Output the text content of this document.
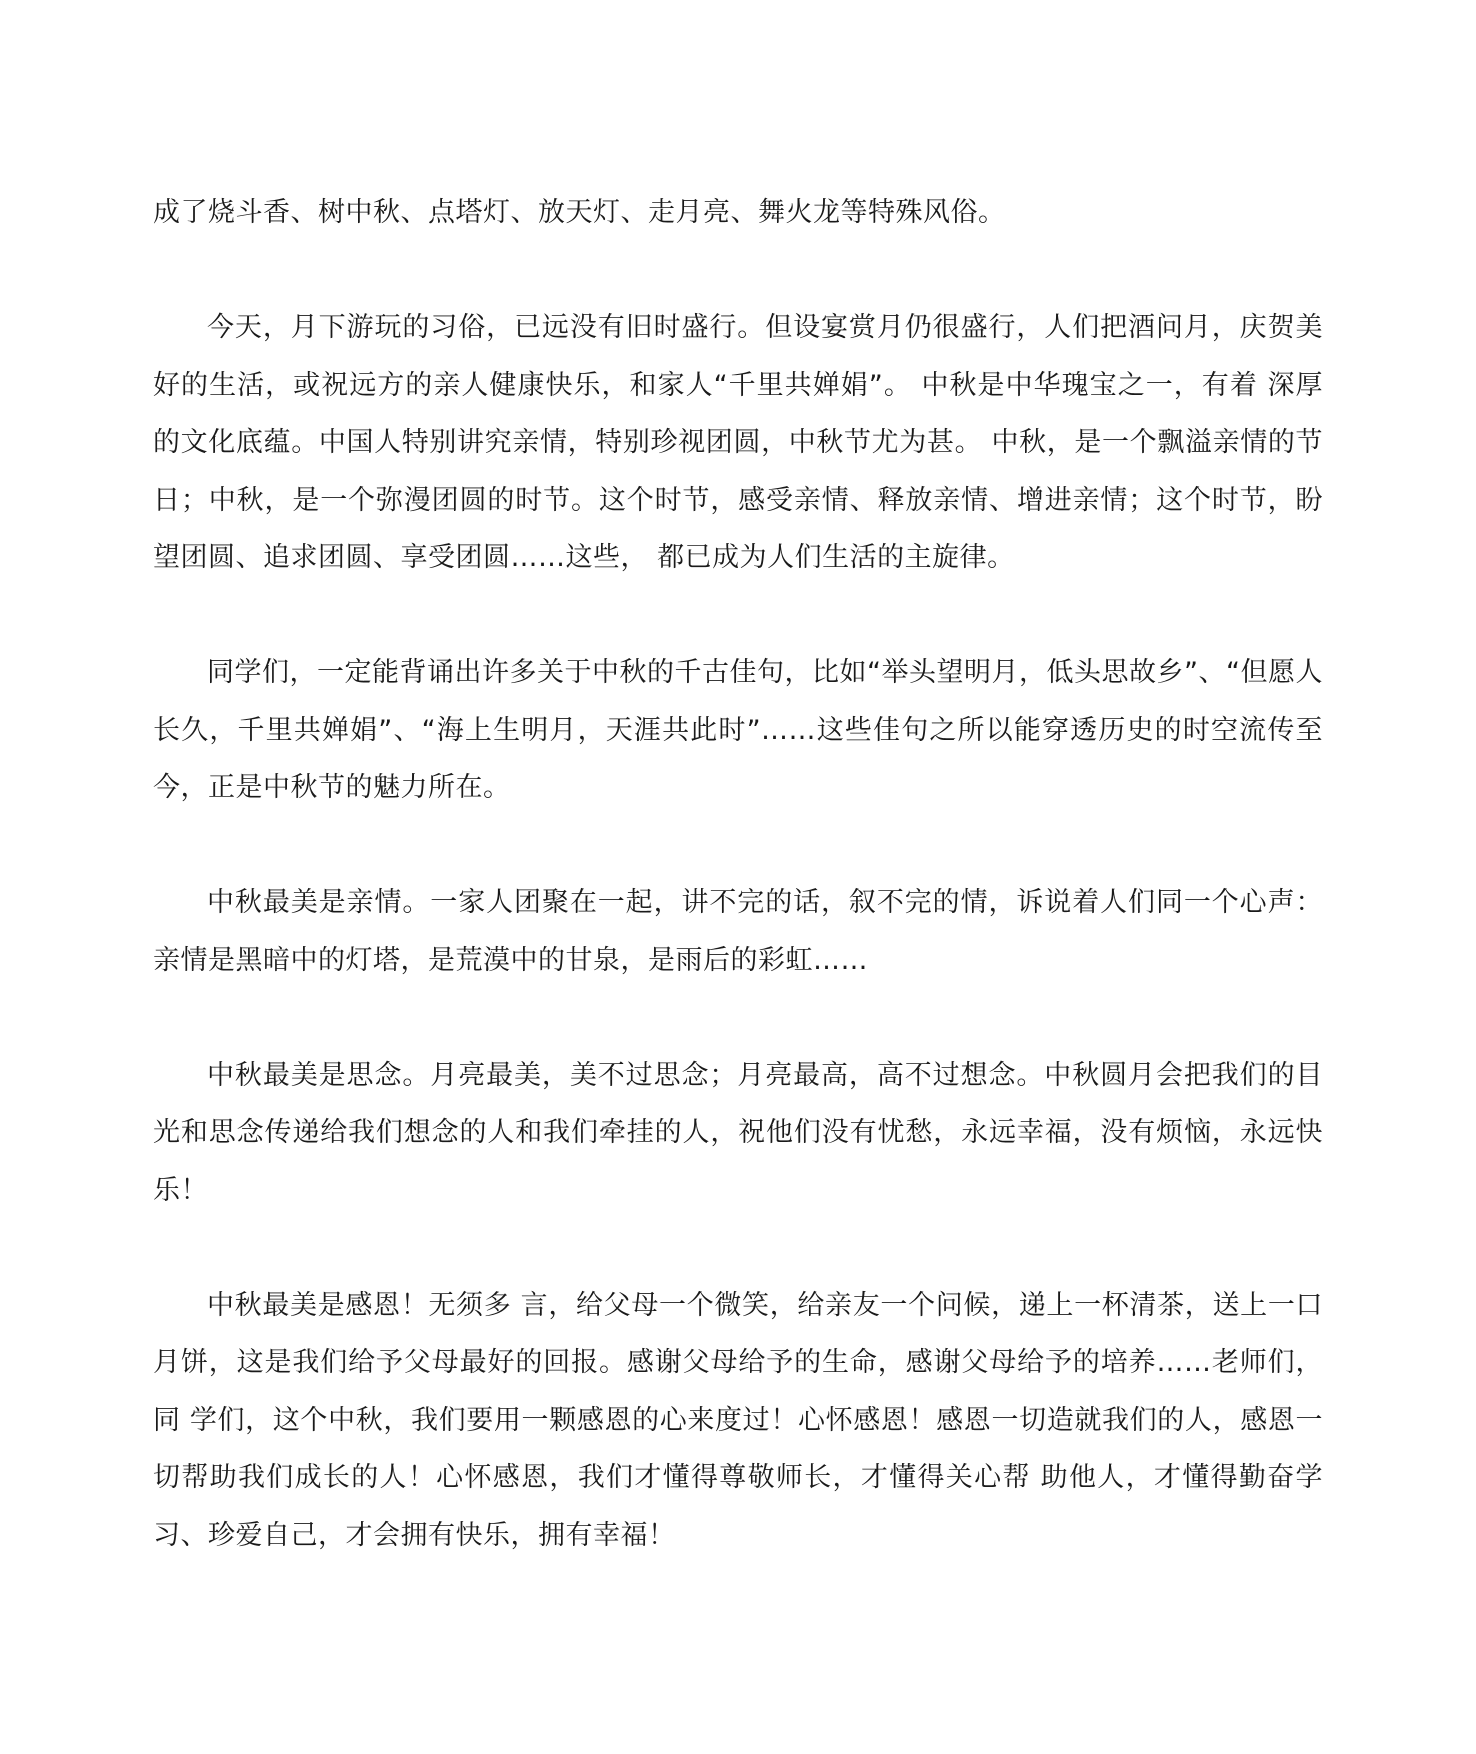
成了烧斗香、树中秋、点塔灯、放天灯、走月亮、舞火龙等特殊风俗。

今天，月下游玩的习俗，已远没有旧时盛行。但设宴赏月仍很盛行，人们把酒问月，庆贺美好的生活，或祝远方的亲人健康快乐，和家人“千里共婵娟”。 中秋是中华瑰宝之一，有着 深厚的文化底蕴。中国人特别讲究亲情，特别珍视团圆，中秋节尤为甚。 中秋，是一个飘溢亲情的节日；中秋，是一个弥漫团圆的时节。这个时节，感受亲情、释放亲情、增进亲情；这个时节，盼望团圆、追求团圆、享受团圆……这些， 都已成为人们生活的主旋律。

同学们，一定能背诵出许多关于中秋的千古佳句，比如“举头望明月，低头思故乡”、“但愿人长久，千里共婵娟”、“海上生明月，天涯共此时”……这些佳句之所以能穿透历史的时空流传至今，正是中秋节的魅力所在。

中秋最美是亲情。一家人团聚在一起，讲不完的话，叙不完的情，诉说着人们同一个心声：亲情是黑暗中的灯塔，是荒漠中的甘泉，是雨后的彩虹……

中秋最美是思念。月亮最美，美不过思念；月亮最高，高不过想念。中秋圆月会把我们的目光和思念传递给我们想念的人和我们牵挂的人，祝他们没有忧愁，永远幸福，没有烦恼，永远快乐！

中秋最美是感恩！无须多 言，给父母一个微笑，给亲友一个问候，递上一杯清茶，送上一口月饼，这是我们给予父母最好的回报。感谢父母给予的生命，感谢父母给予的培养……老师们，同 学们，这个中秋，我们要用一颗感恩的心来度过！心怀感恩！感恩一切造就我们的人，感恩一切帮助我们成长的人！心怀感恩，我们才懂得尊敬师长，才懂得关心帮 助他人，才懂得勤奋学习、珍爱自己，才会拥有快乐，拥有幸福！
